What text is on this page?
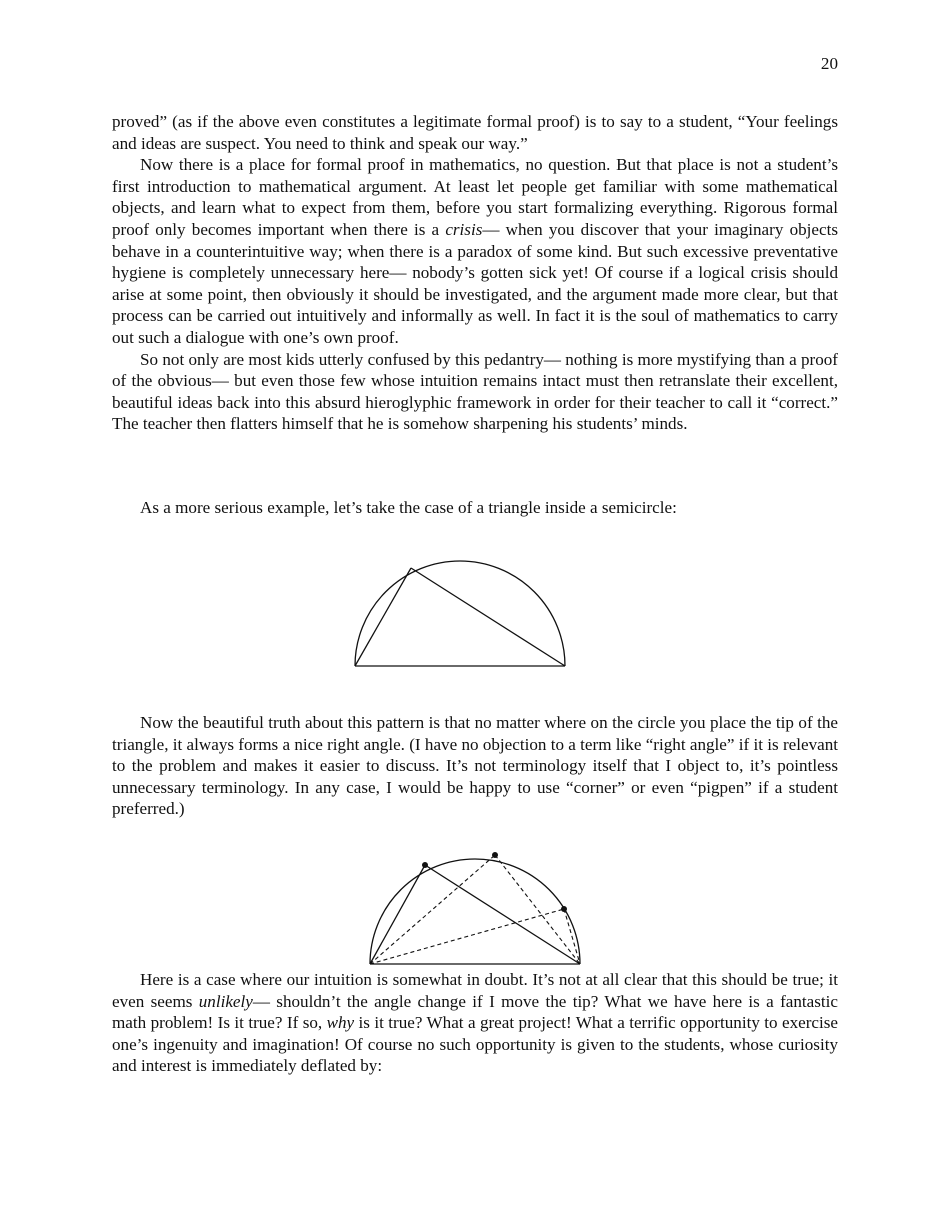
20

proved” (as if the above even constitutes a legitimate formal proof) is to say to a student, “Your feelings and ideas are suspect. You need to think and speak our way.”

Now there is a place for formal proof in mathematics, no question. But that place is not a student’s first introduction to mathematical argument. At least let people get familiar with some mathematical objects, and learn what to expect from them, before you start formalizing everything. Rigorous formal proof only becomes important when there is a crisis— when you discover that your imaginary objects behave in a counterintuitive way; when there is a paradox of some kind. But such excessive preventative hygiene is completely unnecessary here— nobody’s gotten sick yet! Of course if a logical crisis should arise at some point, then obviously it should be investigated, and the argument made more clear, but that process can be carried out intuitively and informally as well. In fact it is the soul of mathematics to carry out such a dialogue with one’s own proof.

So not only are most kids utterly confused by this pedantry— nothing is more mystifying than a proof of the obvious— but even those few whose intuition remains intact must then retranslate their excellent, beautiful ideas back into this absurd hieroglyphic framework in order for their teacher to call it “correct.” The teacher then flatters himself that he is somehow sharpening his students’ minds.

As a more serious example, let’s take the case of a triangle inside a semicircle:

Now the beautiful truth about this pattern is that no matter where on the circle you place the tip of the triangle, it always forms a nice right angle. (I have no objection to a term like “right angle” if it is relevant to the problem and makes it easier to discuss. It’s not terminology itself that I object to, it’s pointless unnecessary terminology. In any case, I would be happy to use “corner” or even “pigpen” if a student preferred.)

Here is a case where our intuition is somewhat in doubt. It’s not at all clear that this should be true; it even seems unlikely— shouldn’t the angle change if I move the tip? What we have here is a fantastic math problem! Is it true? If so, why is it true? What a great project! What a terrific opportunity to exercise one’s ingenuity and imagination! Of course no such opportunity is given to the students, whose curiosity and interest is immediately deflated by:
